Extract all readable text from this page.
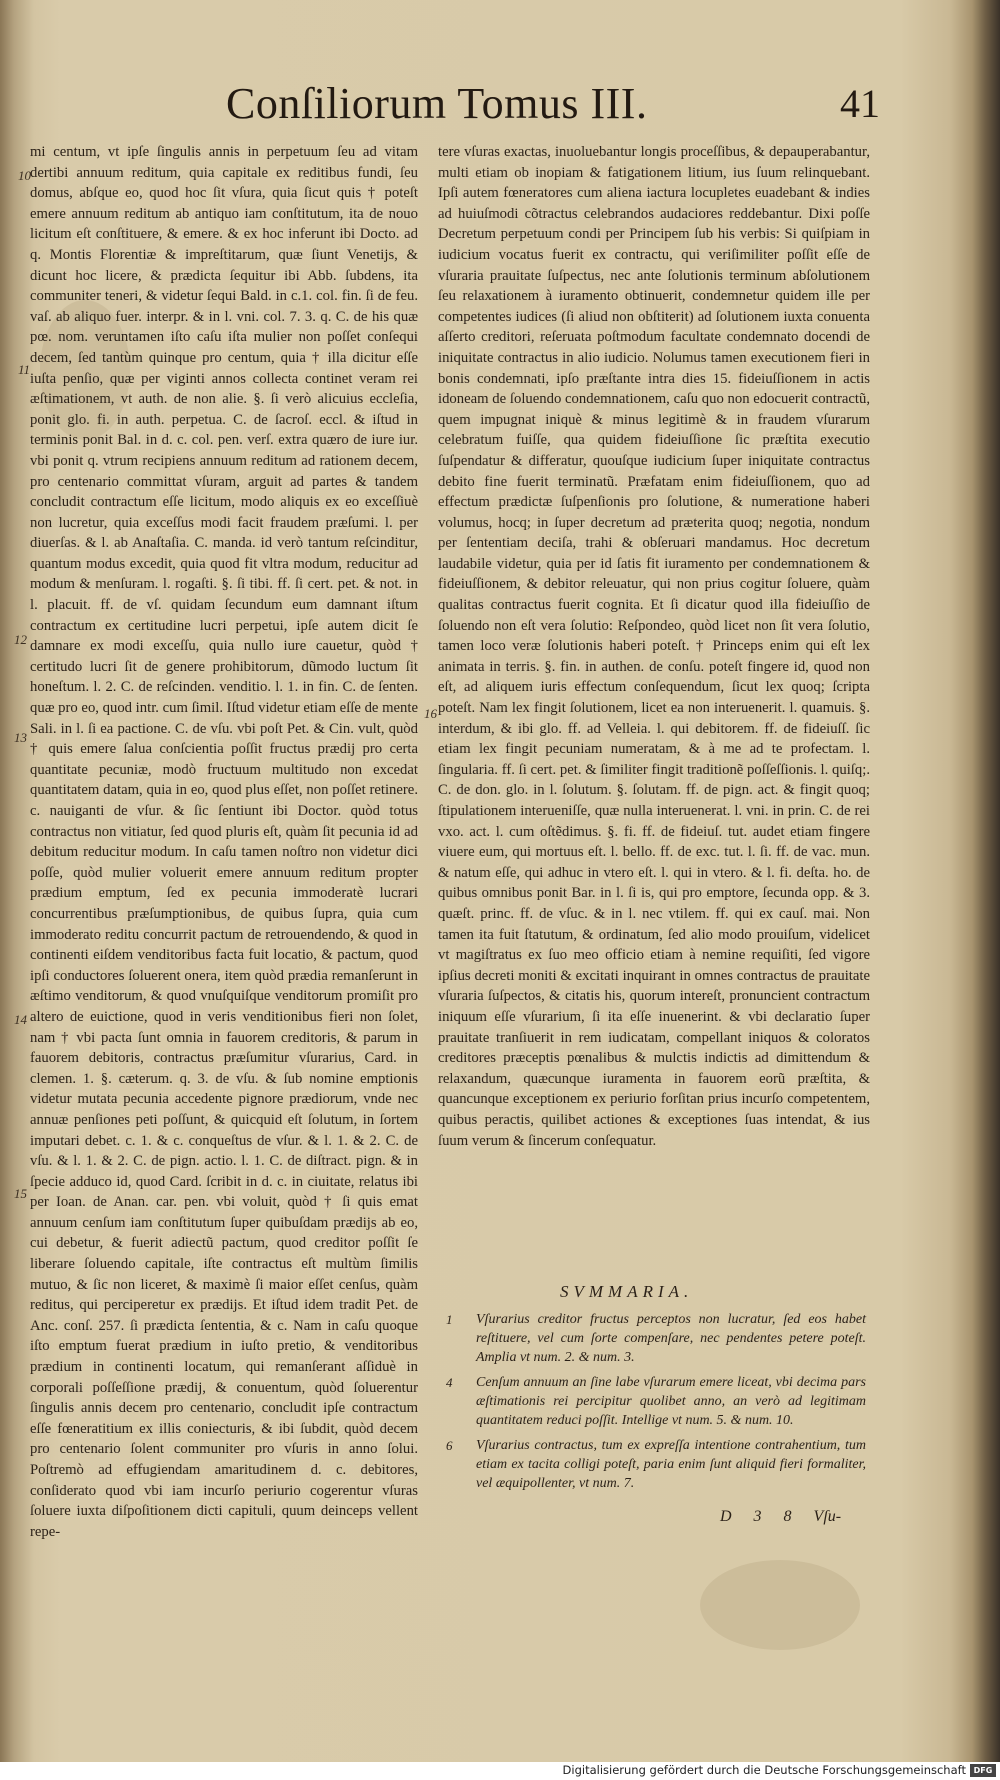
Conſiliorum Tomus III.	41

mi centum, vt ipſe ſingulis annis in perpetuum ſeu ad vitam dertibi annuum reditum, quia capitale ex reditibus fundi, ſeu domus, abſque eo, quod hoc ſit vſura, quia ſicut quis † poteſt emere annuum reditum ab antiquo iam conſtitutum, ita de nouo licitum eſt conſtituere, & emere. & ex hoc inferunt ibi Docto. ad q. Montis Florentiæ & impreſtitarum, quæ ſiunt Venetijs, & dicunt hoc licere, & prædicta ſequitur ibi Abb. ſubdens, ita communiter teneri, & videtur ſequi Bald. in c.1. col. fin. ſi de feu. vaſ. ab aliquo fuer. interpr. & in l. vni. col. 7. 3. q. C. de his quæ pœ. nom. veruntamen iſto caſu iſta mulier non poſſet conſequi decem, ſed tantùm quinque pro centum, quia † illa dicitur eſſe iuſta penſio, quæ per viginti annos collecta continet veram rei æſtimationem, vt auth. de non alie. §. ſi verò alicuius eccleſia, ponit glo. fi. in auth. perpetua. C. de ſacroſ. eccl. & iſtud in terminis ponit Bal. in d. c. col. pen. verſ. extra quæro de iure iur. vbi ponit q. vtrum recipiens annuum reditum ad rationem decem, pro centenario committat vſuram, arguit ad partes & tandem concludit contractum eſſe licitum, modo aliquis ex eo exceſſiuè non lucretur, quia exceſſus modi facit fraudem præſumi. l. per diuerſas. & l. ab Anaſtaſia. C. manda. id verò tantum reſcinditur, quantum modus excedit, quia quod fit vltra modum, reducitur ad modum & menſuram. l. rogaſti. §. ſi tibi. ff. ſi cert. pet. & not. in l. placuit. ff. de vſ. quidam ſecundum eum damnant iſtum contractum ex certitudine lucri perpetui, ipſe autem dicit ſe damnare ex modi exceſſu, quia nullo iure cauetur, quòd † certitudo lucri ſit de genere prohibitorum, dũmodo luctum ſit honeſtum. l. 2. C. de reſcinden. venditio. l. 1. in fin. C. de ſenten. quæ pro eo, quod intr. cum ſimil. Iſtud videtur etiam eſſe de mente Sali. in l. ſi ea pactione. C. de vſu. vbi poſt Pet. & Cin. vult, quòd † quis emere ſalua conſcientia poſſit fructus prædij pro certa quantitate pecuniæ, modò fructuum multitudo non excedat quantitatem datam, quia in eo, quod plus eſſet, non poſſet retinere. c. nauiganti de vſur. & ſic ſentiunt ibi Doctor. quòd totus contractus non vitiatur, ſed quod pluris eſt, quàm ſit pecunia id ad debitum reducitur modum. In caſu tamen noſtro non videtur dici poſſe, quòd mulier voluerit emere annuum reditum propter prædium emptum, ſed ex pecunia immoderatè lucrari concurrentibus præſumptionibus, de quibus ſupra, quia cum immoderato reditu concurrit pactum de retrouendendo, & quod in continenti eiſdem venditoribus facta fuit locatio, & pactum, quod ipſi conductores ſoluerent onera, item quòd prædia remanſerunt in æſtimo venditorum, & quod vnuſquiſque venditorum promiſit pro altero de euictione, quod in veris venditionibus fieri non ſolet, nam † vbi pacta ſunt omnia in fauorem creditoris, & parum in fauorem debitoris, contractus præſumitur vſurarius, Card. in clemen. 1. §. cæterum. q. 3. de vſu. & ſub nomine emptionis videtur mutata pecunia accedente pignore prædiorum, vnde nec annuæ penſiones peti poſſunt, & quicquid eſt ſolutum, in ſortem imputari debet. c. 1. & c. conqueſtus de vſur. & l. 1. & 2. C. de vſu. & l. 1. & 2. C. de pign. actio. l. 1. C. de diſtract. pign. & in ſpecie adduco id, quod Card. ſcribit in d. c. in ciuitate, relatus ibi per Ioan. de Anan. car. pen. vbi voluit, quòd † ſi quis emat annuum cenſum iam conſtitutum ſuper quibuſdam prædijs ab eo, cui debetur, & fuerit adiectũ pactum, quod creditor poſſit ſe liberare ſoluendo capitale, iſte contractus eſt multùm ſimilis mutuo, & ſic non liceret, & maximè ſi maior eſſet cenſus, quàm reditus, qui perciperetur ex prædijs. Et iſtud idem tradit Pet. de Anc. conſ. 257. ſi prædicta ſententia, & c. Nam in caſu quoque iſto emptum fuerat prædium in iuſto pretio, & venditoribus prædium in continenti locatum, qui remanſerant aſſiduè in corporali poſſeſſione prædij, & conuentum, quòd ſoluerentur ſingulis annis decem pro centenario, concludit ipſe contractum eſſe fœneratitium ex illis coniecturis, & ibi ſubdit, quòd decem pro centenario ſolent communiter pro vſuris in anno ſolui. Poſtremò ad effugiendam amaritudinem d. c. debitores, conſiderato quod vbi iam incurſo periurio cogerentur vſuras ſoluere iuxta diſpoſitionem dicti capituli, quum deinceps vellent repe-

tere vſuras exactas, inuoluebantur longis proceſſibus, & depauperabantur, multi etiam ob inopiam & fatigationem litium, ius ſuum relinquebant. Ipſi autem fœneratores cum aliena iactura locupletes euadebant & indies ad huiuſmodi cõtractus celebrandos audaciores reddebantur. Dixi poſſe Decretum perpetuum condi per Principem ſub his verbis: Si quiſpiam in iudicium vocatus fuerit ex contractu, qui veriſimiliter poſſit eſſe de vſuraria prauitate ſuſpectus, nec ante ſolutionis terminum abſolutionem ſeu relaxationem à iuramento obtinuerit, condemnetur quidem ille per competentes iudices (ſi aliud non obſtiterit) ad ſolutionem iuxta conuenta aſſerto creditori, reſeruata poſtmodum facultate condemnato docendi de iniquitate contractus in alio iudicio. Nolumus tamen executionem fieri in bonis condemnati, ipſo præſtante intra dies 15. fideiuſſionem in actis idoneam de ſoluendo condemnationem, caſu quo non edocuerit contractũ, quem impugnat iniquè & minus legitimè & in fraudem vſurarum celebratum fuiſſe, qua quidem fideiuſſione ſic præſtita executio ſuſpendatur & differatur, quouſque iudicium ſuper iniquitate contractus debito fine fuerit terminatũ. Præfatam enim fideiuſſionem, quo ad effectum prædictæ ſuſpenſionis pro ſolutione, & numeratione haberi volumus, hocq; in ſuper decretum ad præterita quoq; negotia, nondum per ſententiam deciſa, trahi & obſeruari mandamus. Hoc decretum laudabile videtur, quia per id ſatis fit iuramento per condemnationem & fideiuſſionem, & debitor releuatur, qui non prius cogitur ſoluere, quàm qualitas contractus fuerit cognita. Et ſi dicatur quod illa fideiuſſio de ſoluendo non eſt vera ſolutio: Reſpondeo, quòd licet non ſit vera ſolutio, tamen loco veræ ſolutionis haberi poteſt. † Princeps enim qui eſt lex animata in terris. §. fin. in authen. de conſu. poteſt fingere id, quod non eſt, ad aliquem iuris effectum conſequendum, ſicut lex quoq; ſcripta poteſt. Nam lex fingit ſolutionem, licet ea non interuenerit. l. quamuis. §. interdum, & ibi glo. ff. ad Velleia. l. qui debitorem. ff. de fideiuſſ. ſic etiam lex fingit pecuniam numeratam, & à me ad te profectam. l. ſingularia. ff. ſi cert. pet. & ſimiliter fingit traditionẽ poſſeſſionis. l. quiſq;. C. de don. glo. in l. ſolutum. §. ſolutam. ff. de pign. act. & fingit quoq; ſtipulationem interueniſſe, quæ nulla interuenerat. l. vni. in prin. C. de rei vxo. act. l. cum oſtẽdimus. §. fi. ff. de fideiuſ. tut. audet etiam fingere viuere eum, qui mortuus eſt. l. bello. ff. de exc. tut. l. ſi. ff. de vac. mun. & natum eſſe, qui adhuc in vtero eſt. l. qui in vtero. & l. fi. deſta. ho. de quibus omnibus ponit Bar. in l. ſi is, qui pro emptore, ſecunda opp. & 3. quæſt. princ. ff. de vſuc. & in l. nec vtilem. ff. qui ex cauſ. mai. Non tamen ita fuit ſtatutum, & ordinatum, ſed alio modo prouiſum, videlicet vt magiſtratus ex ſuo meo officio etiam à nemine requiſiti, ſed vigore ipſius decreti moniti & excitati inquirant in omnes contractus de prauitate vſuraria ſuſpectos, & citatis his, quorum intereſt, pronuncient contractum iniquum eſſe vſurarium, ſi ita eſſe inuenerint. & vbi declaratio ſuper prauitate tranſiuerit in rem iudicatam, compellant iniquos & coloratos creditores præceptis pœnalibus & mulctis indictis ad dimittendum & relaxandum, quæcunque iuramenta in fauorem eorũ præſtita, & quancunque exceptionem ex periurio forſitan prius incurſo competentem, quibus peractis, quilibet actiones & exceptiones ſuas intendat, & ius ſuum verum & ſincerum conſequatur.

10
11
12
13
14
15
16
SVMMARIA.
1 Vſurarius creditor fructus perceptos non lucratur, ſed eos habet reſtituere, vel cum ſorte compenſare, nec pendentes petere poteſt. Amplia vt num. 2. & num. 3.
4 Cenſum annuum an ſine labe vſurarum emere liceat, vbi decima pars æſtimationis rei percipitur quolibet anno, an verò ad legitimam quantitatem reduci poſſit. Intellige vt num. 5. & num. 10.
6 Vſurarius contractus, tum ex expreſſa intentione contrahentium, tum etiam ex tacita colligi poteſt, paria enim ſunt aliquid fieri formaliter, vel æquipollenter, vt num. 7.
D 3 8 Vſu-
Digitalisierung gefördert durch die Deutsche Forschungsgemeinschaft DFG
